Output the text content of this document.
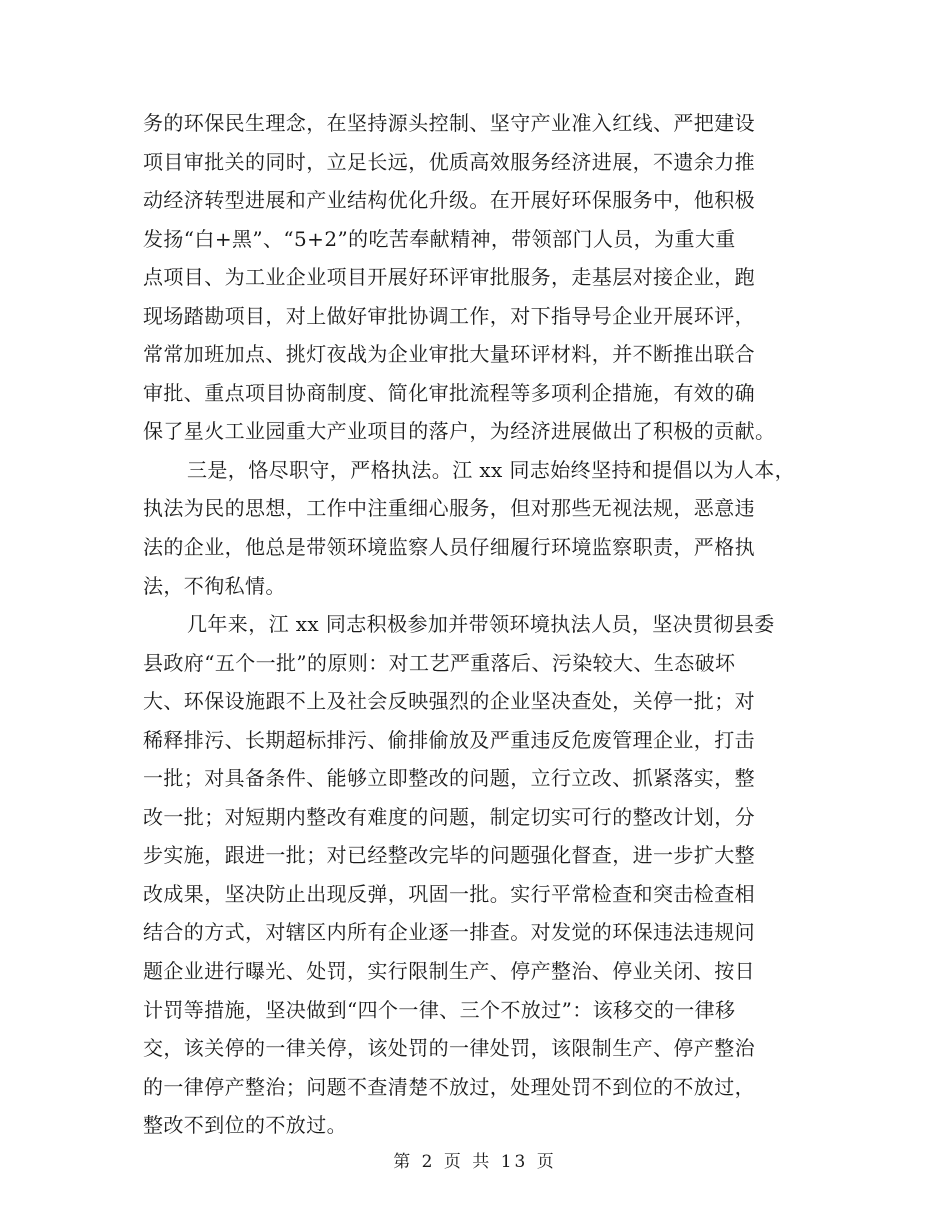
务的环保民生理念，在坚持源头控制、坚守产业准入红线、严把建设
项目审批关的同时，立足长远，优质高效服务经济进展，不遗余力推
动经济转型进展和产业结构优化升级。在开展好环保服务中，他积极
发扬“白+黑”、“5+2”的吃苦奉献精神，带领部门人员，为重大重
点项目、为工业企业项目开展好环评审批服务，走基层对接企业，跑
现场踏勘项目，对上做好审批协调工作，对下指导号企业开展环评，
常常加班加点、挑灯夜战为企业审批大量环评材料，并不断推出联合
审批、重点项目协商制度、简化审批流程等多项利企措施，有效的确
保了星火工业园重大产业项目的落户，为经济进展做出了积极的贡献。
三是，恪尽职守，严格执法。江 xx 同志始终坚持和提倡以为人本，
执法为民的思想，工作中注重细心服务，但对那些无视法规，恶意违
法的企业，他总是带领环境监察人员仔细履行环境监察职责，严格执
法，不徇私情。
几年来，江 xx 同志积极参加并带领环境执法人员，坚决贯彻县委
县政府“五个一批”的原则：对工艺严重落后、污染较大、生态破坏
大、环保设施跟不上及社会反映强烈的企业坚决查处，关停一批；对
稀释排污、长期超标排污、偷排偷放及严重违反危废管理企业，打击
一批；对具备条件、能够立即整改的问题，立行立改、抓紧落实，整
改一批；对短期内整改有难度的问题，制定切实可行的整改计划，分
步实施，跟进一批；对已经整改完毕的问题强化督查，进一步扩大整
改成果，坚决防止出现反弹，巩固一批。实行平常检查和突击检查相
结合的方式，对辖区内所有企业逐一排查。对发觉的环保违法违规问
题企业进行曝光、处罚，实行限制生产、停产整治、停业关闭、按日
计罚等措施，坚决做到“四个一律、三个不放过”：该移交的一律移
交，该关停的一律关停，该处罚的一律处罚，该限制生产、停产整治
的一律停产整治；问题不查清楚不放过，处理处罚不到位的不放过，
整改不到位的不放过。
第 2 页 共 13 页
